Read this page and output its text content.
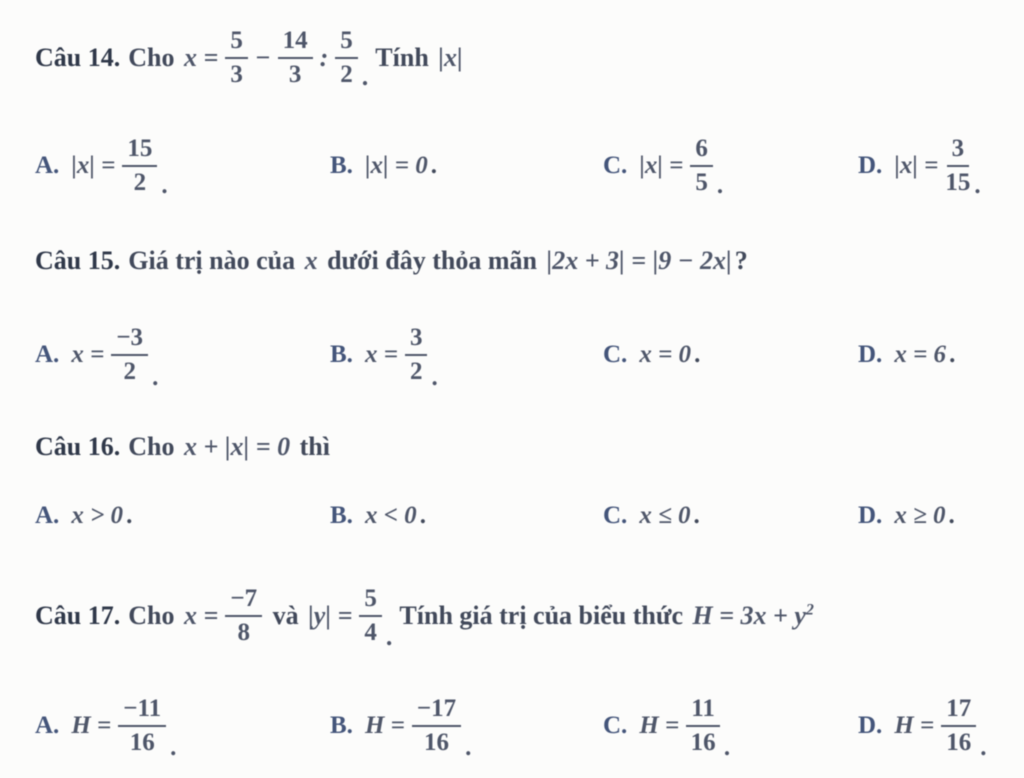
Câu 14. Cho $x = \frac{5}{3} - \frac{14}{3}$ : $\frac{5}{2}$ .
Tính |x|
A. $|x| = \frac{15}{2}$ .
B. |x| = 0 .	C. $|x| = \frac{6}{5}$ .
D. $|x| = \frac{3}{15}$ .
Câu 15. Giá trị nào của x dưới đây thỏa mãn |2x + 3| = |9 − 2x| ?
A. $x = \frac{-3}{2}$ .
B. $x = \frac{3}{2}$ .
C. x = 0 .	D. x = 6 .
Câu 16. Cho x + |x| = 0 thì
A. x > 0 .	B. x < 0 .	C. x ≤ 0 .	D. x ≥ 0 .
Câu 17. Cho $x = \frac{-7}{8}$ và $|y| = \frac{5}{4}$ .
Tính giá trị của biểu thức $H = 3x + y^2$
A. $H = \frac{-11}{16}$ .
B. $H = \frac{-17}{16}$ .
C. $H = \frac{11}{16}$ .
D. $H = \frac{17}{16}$ .
